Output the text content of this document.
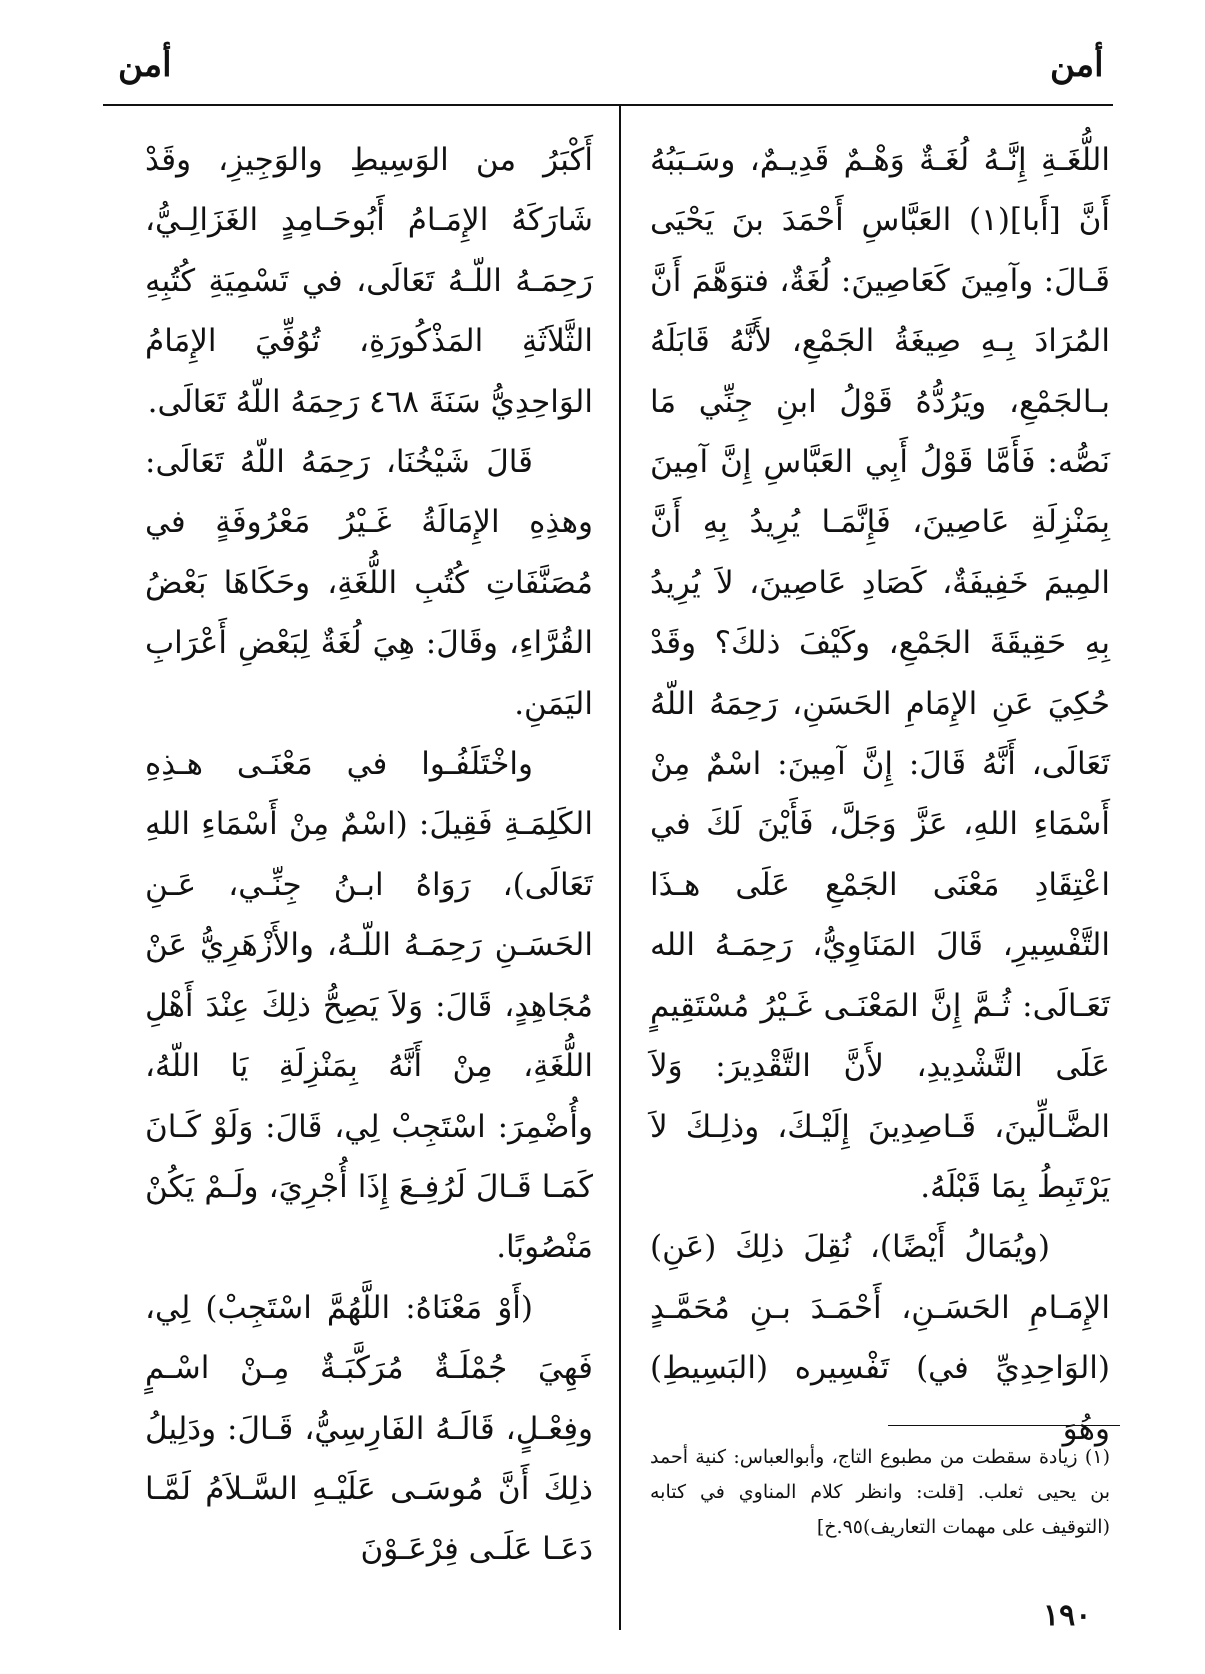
أمن
أمن

اللُّغَـةِ إِنَّـهُ لُغَـةٌ وَهْـمٌ قَدِيـمٌ، وسَـبَبُهُ أَنَّ [أَبا](١) العَبَّاسِ أَحْمَدَ بنَ يَحْيَى قَـالَ: وآمِينَ كَعَاصِينَ: لُغَةٌ، فتوَهَّمَ أَنَّ المُرَادَ بِـهِ صِيغَةُ الجَمْعِ، لأَنَّهُ قَابَلَهُ بـالجَمْعِ، ويَرُدُّهُ قَوْلُ ابنِ جِنِّي مَا نَصُّه: فَأَمَّا قَوْلُ أَبِي العَبَّاسِ إِنَّ آمِينَ بِمَنْزِلَةِ عَاصِينَ، فَإِنَّمَـا يُرِيدُ بِهِ أَنَّ المِيمَ خَفِيفَةٌ، كَصَادِ عَاصِينَ، لاَ يُرِيدُ بِهِ حَقِيقَةَ الجَمْعِ، وكَيْفَ ذلكَ؟ وقَدْ حُكِيَ عَنِ الإِمَامِ الحَسَنِ، رَحِمَهُ اللّهُ تَعَالَى، أَنَّهُ قَالَ: إِنَّ آمِينَ: اسْمٌ مِنْ أَسْمَاءِ اللهِ، عَزَّ وَجَلَّ، فَأَيْنَ لَكَ في اعْتِقَادِ مَعْنَى الجَمْعِ عَلَى هـذَا التَّفْسِيرِ، قَالَ المَنَاوِيُّ، رَحِمَـهُ الله تَعَـالَى: ثُـمَّ إِنَّ المَعْنَـى غَـيْرُ مُسْتَقِيمٍ عَلَى التَّشْدِيدِ، لأَنَّ التَّقْدِيرَ: وَلاَ الضَّـالِّينَ، قَـاصِدِينَ إِلَيْـكَ، وذلِـكَ لاَ يَرْتَبِطُ بِمَا قَبْلَهُ.

(ويُمَالُ أَيْضًا)، نُقِلَ ذلِكَ (عَنِ) الإِمَـامِ الحَسَـنِ، أَحْمَـدَ بـنِ مُحَمَّـدٍ (الوَاحِدِيِّ في) تَفْسِيره (البَسِيطِ) وهُوَ

أَكْبَرُ من الوَسِيطِ والوَجِيزِ، وقَدْ شَارَكَهُ الإِمَـامُ أَبُوحَـامِدٍ الغَزَالِـيُّ، رَحِمَـهُ اللّـهُ تَعَالَى، في تَسْمِيَةِ كُتُبِهِ الثَّلاَثَةِ المَذْكُورَةِ، تُوُفِّيَ الإِمَامُ الوَاحِدِيُّ سَنَةَ ٤٦٨ رَحِمَهُ اللّهُ تَعَالَى.

قَالَ شَيْخُنَا، رَحِمَهُ اللّهُ تَعَالَى: وهذِهِ الإِمَالَةُ غَـيْرُ مَعْرُوفَةٍ في مُصَنَّفَاتِ كُتُبِ اللُّغَةِ، وحَكَاهَا بَعْضُ القُرَّاءِ، وقَالَ: هِيَ لُغَةٌ لِبَعْضِ أَعْرَابِ اليَمَنِ.

واخْتَلَفُـوا في مَعْنَـى هـذِهِ الكَلِمَـةِ فَقِيلَ: (اسْمٌ مِنْ أَسْمَاءِ اللهِ تَعَالَى)، رَوَاهُ ابـنُ جِنِّـي، عَـنِ الحَسَـنِ رَحِمَـهُ اللّـهُ، والأَزْهَرِيُّ عَنْ مُجَاهِدٍ، قَالَ: وَلاَ يَصِحُّ ذلِكَ عِنْدَ أَهْلِ اللُّغَةِ، مِنْ أَنَّهُ بِمَنْزِلَةِ يَا اللّهُ، وأُضْمِرَ: اسْتَجِبْ لِي، قَالَ: وَلَوْ كَـانَ كَمَـا قَـالَ لَرُفِـعَ إِذَا أُجْرِيَ، ولَـمْ يَكُنْ مَنْصُوبًا.

(أَوْ مَعْنَاهُ: اللَّهُمَّ اسْتَجِبْ) لِي، فَهِيَ جُمْلَـةٌ مُرَكَّبَـةٌ مِـنْ اسْـمٍ وفِعْـلٍ، قَالَـهُ الفَارِسِيُّ، قَـالَ: ودَلِيلُ ذلِكَ أَنَّ مُوسَـى عَلَيْـهِ السَّـلاَمُ لَمَّـا دَعَـا عَلَـى فِرْعَـوْنَ

(١) زيادة سقطت من مطبوع التاج، وأبوالعباس: كنية أحمد بن يحيى ثعلب. [قلت: وانظر كلام المناوي في كتابه (التوقيف على مهمات التعاريف)٩٥.خ]

١٩٠
